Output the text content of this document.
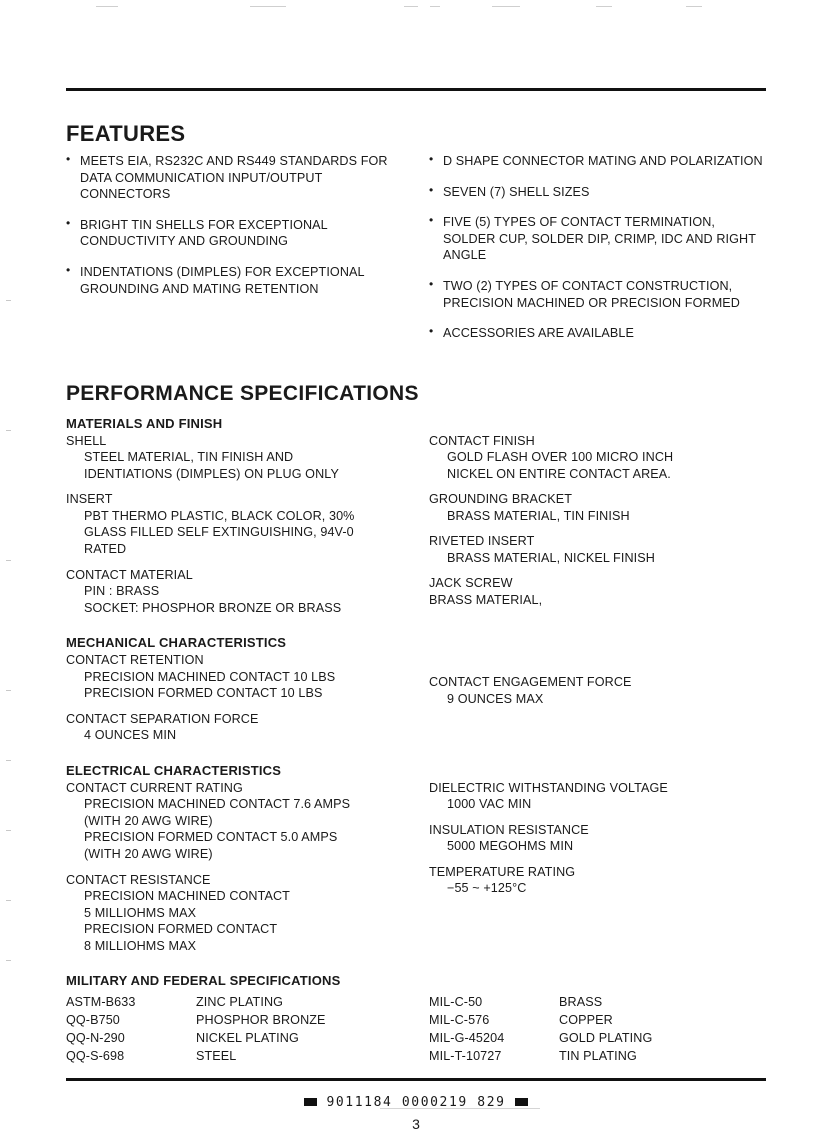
FEATURES
• MEETS EIA, RS232C AND RS449 STANDARDS FOR DATA COMMUNICATION INPUT/OUTPUT CONNECTORS
• BRIGHT TIN SHELLS FOR EXCEPTIONAL CONDUCTIVITY AND GROUNDING
• INDENTATIONS (DIMPLES) FOR EXCEPTIONAL GROUNDING AND MATING RETENTION
• D SHAPE CONNECTOR MATING AND POLARIZATION
• SEVEN (7) SHELL SIZES
• FIVE (5) TYPES OF CONTACT TERMINATION, SOLDER CUP, SOLDER DIP, CRIMP, IDC AND RIGHT ANGLE
• TWO (2) TYPES OF CONTACT CONSTRUCTION, PRECISION MACHINED OR PRECISION FORMED
• ACCESSORIES ARE AVAILABLE
PERFORMANCE SPECIFICATIONS
MATERIALS AND FINISH
SHELL
STEEL MATERIAL, TIN FINISH AND
IDENTIATIONS (DIMPLES) ON PLUG ONLY
INSERT
PBT THERMO PLASTIC, BLACK COLOR, 30%
GLASS FILLED SELF EXTINGUISHING, 94V-0
RATED
CONTACT MATERIAL
PIN : BRASS
SOCKET: PHOSPHOR BRONZE OR BRASS
CONTACT FINISH
GOLD FLASH OVER 100 MICRO INCH
NICKEL ON ENTIRE CONTACT AREA.
GROUNDING BRACKET
BRASS MATERIAL, TIN FINISH
RIVETED INSERT
BRASS MATERIAL, NICKEL FINISH
JACK SCREW
BRASS MATERIAL,
MECHANICAL CHARACTERISTICS
CONTACT RETENTION
PRECISION MACHINED CONTACT 10 LBS
PRECISION FORMED CONTACT 10 LBS
CONTACT SEPARATION FORCE
4 OUNCES MIN
CONTACT ENGAGEMENT FORCE
9 OUNCES MAX
ELECTRICAL CHARACTERISTICS
CONTACT CURRENT RATING
PRECISION MACHINED CONTACT 7.6 AMPS
(WITH 20 AWG WIRE)
PRECISION FORMED CONTACT 5.0 AMPS
(WITH 20 AWG WIRE)
CONTACT RESISTANCE
PRECISION MACHINED CONTACT
5 MILLIOHMS MAX
PRECISION FORMED CONTACT
8 MILLIOHMS MAX
DIELECTRIC WITHSTANDING VOLTAGE
1000 VAC MIN
INSULATION RESISTANCE
5000 MEGOHMS MIN
TEMPERATURE RATING
−55 ~ +125°C
MILITARY AND FEDERAL SPECIFICATIONS
ASTM-B633
QQ-B750
QQ-N-290
QQ-S-698
ZINC PLATING
PHOSPHOR BRONZE
NICKEL PLATING
STEEL
MIL-C-50
MIL-C-576
MIL-G-45204
MIL-T-10727
BRASS
COPPER
GOLD PLATING
TIN PLATING
9011184 0000219 829
3
